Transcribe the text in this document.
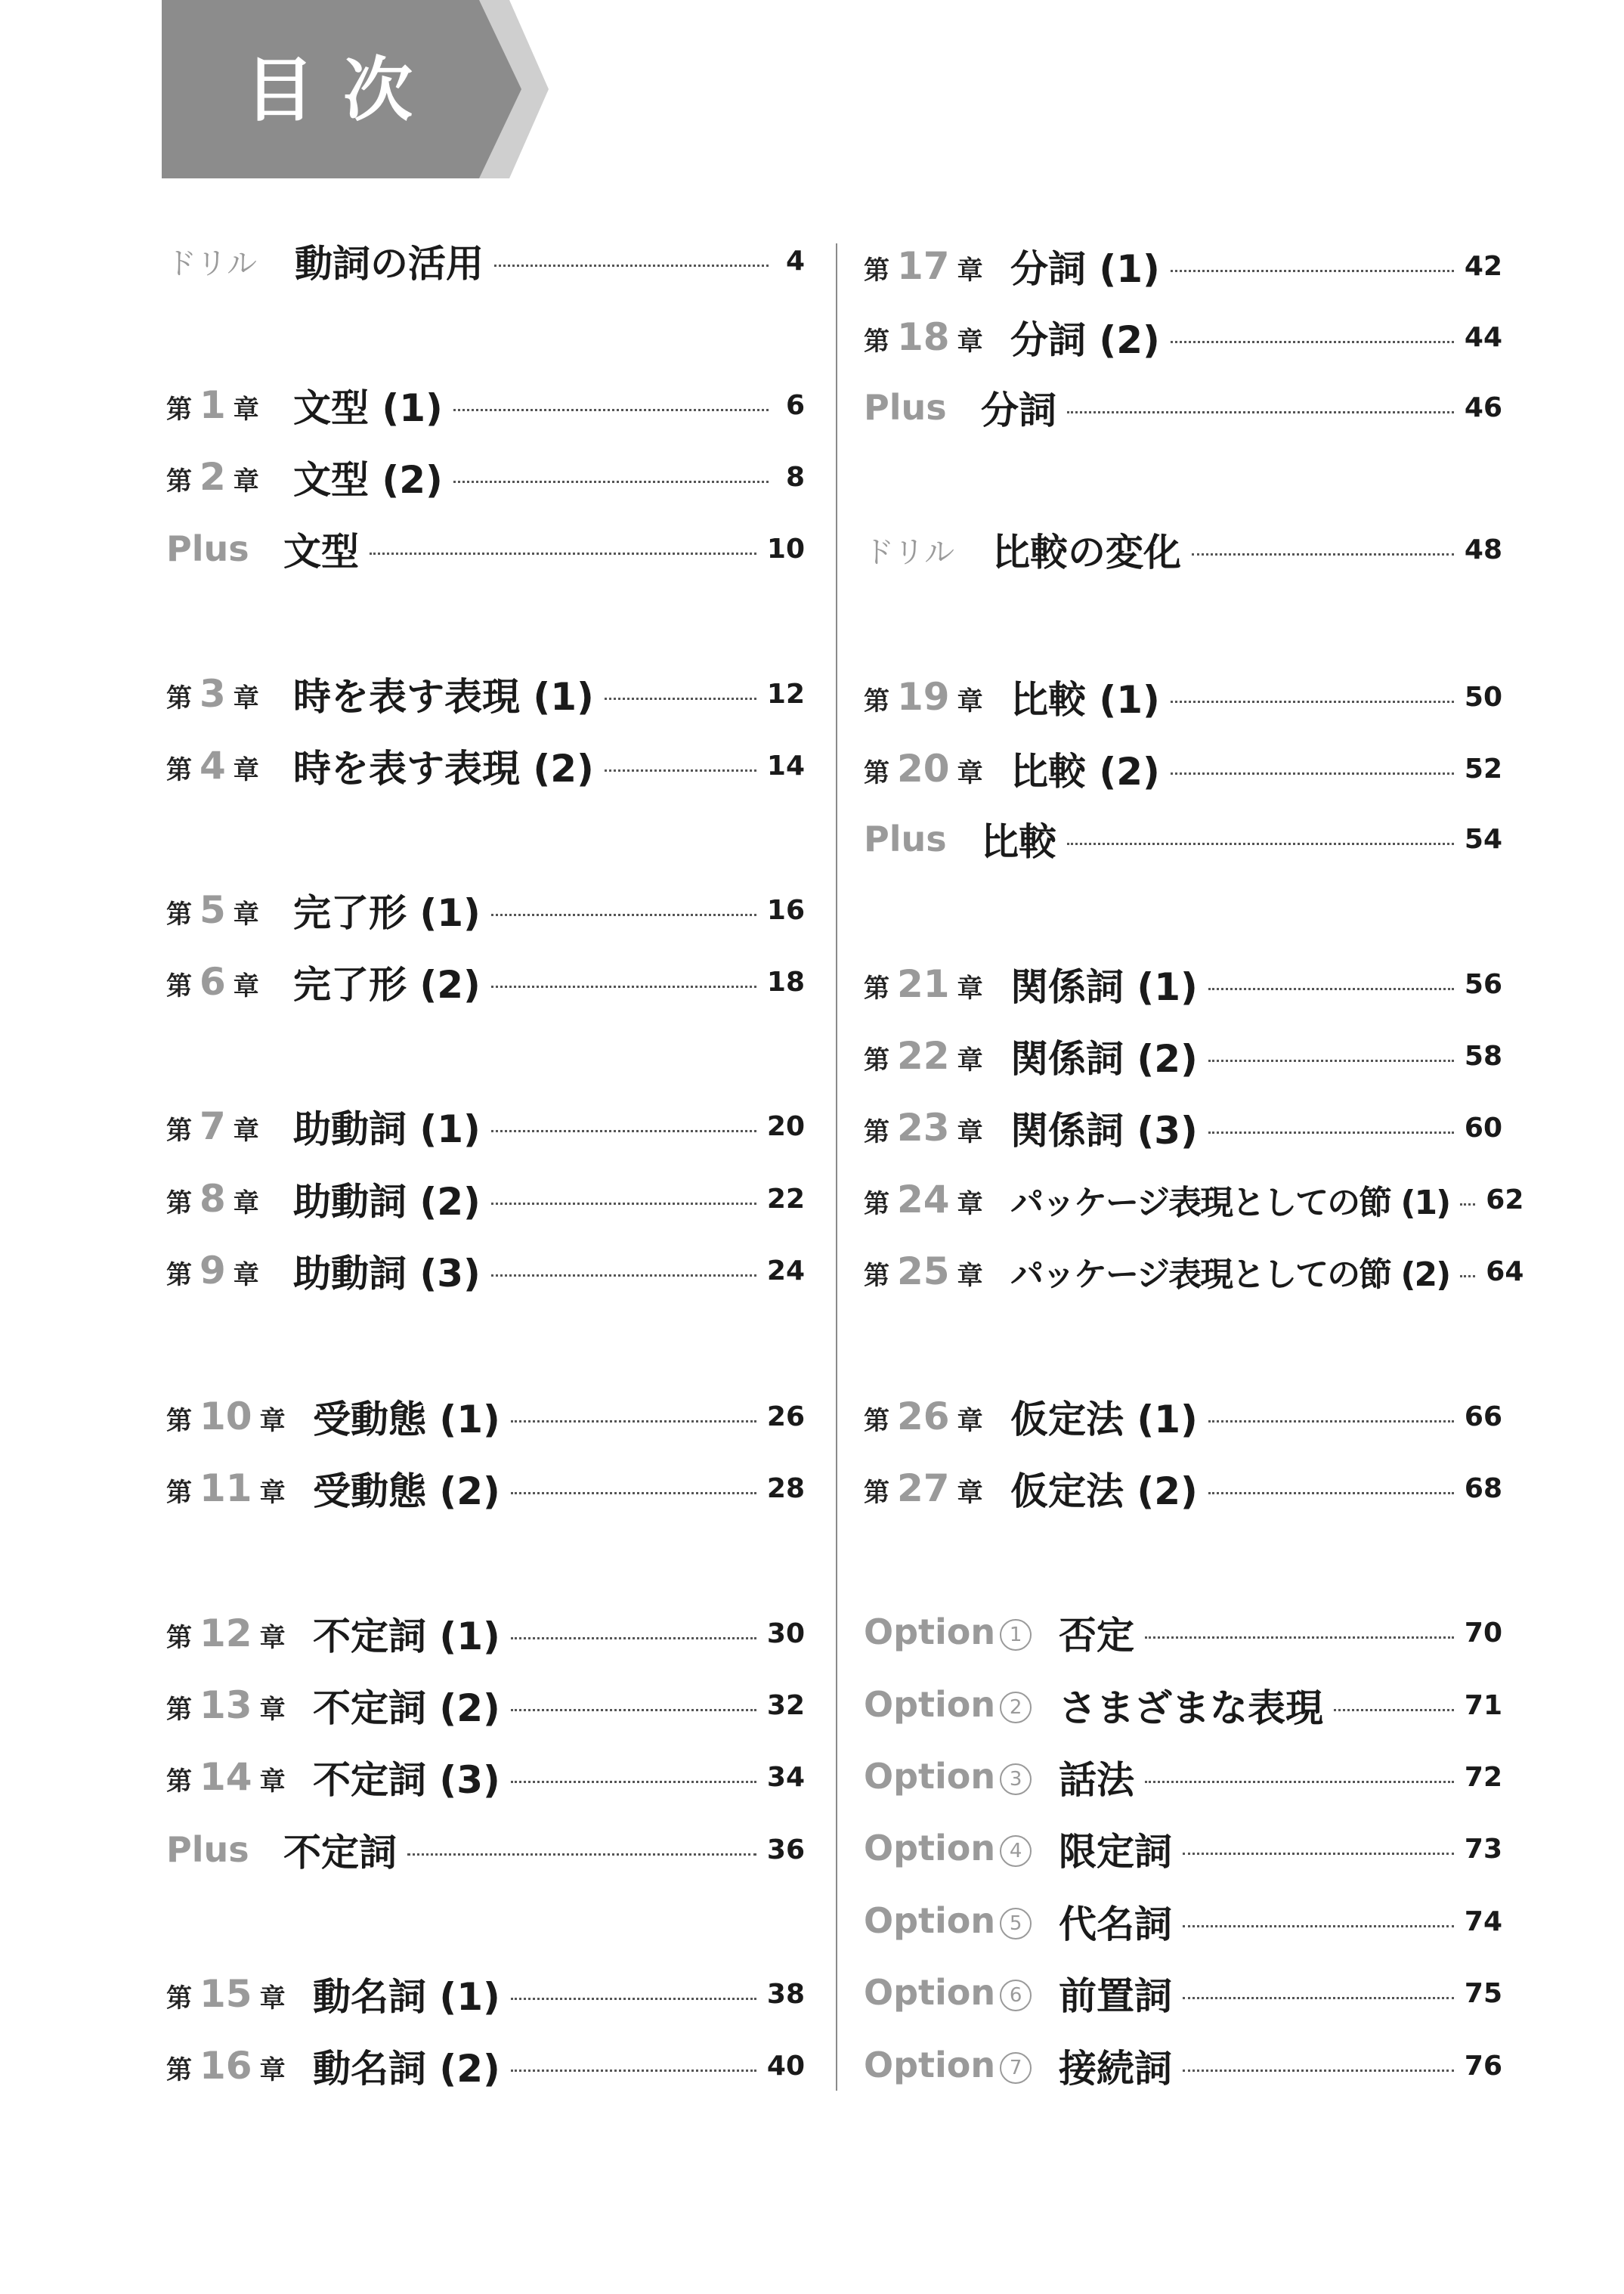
目次
ドリル 動詞の活用	4
第 1 章 文型 (1)	6
第 2 章 文型 (2)	8
Plus 文型	10
第 3 章 時を表す表現 (1)	12
第 4 章 時を表す表現 (2)	14
第 5 章 完了形 (1)	16
第 6 章 完了形 (2)	18
第 7 章 助動詞 (1)	20
第 8 章 助動詞 (2)	22
第 9 章 助動詞 (3)	24
第 10 章 受動態 (1)	26
第 11 章 受動態 (2)	28
第 12 章 不定詞 (1)	30
第 13 章 不定詞 (2)	32
第 14 章 不定詞 (3)	34
Plus 不定詞	36
第 15 章 動名詞 (1)	38
第 16 章 動名詞 (2)	40
第 17 章 分詞 (1)	42
第 18 章 分詞 (2)	44
Plus 分詞	46
ドリル 比較の変化	48
第 19 章 比較 (1)	50
第 20 章 比較 (2)	52
Plus 比較	54
第 21 章 関係詞 (1)	56
第 22 章 関係詞 (2)	58
第 23 章 関係詞 (3)	60
第 24 章 パッケージ表現としての節 (1) 62
第 25 章 パッケージ表現としての節 (2) 64
第 26 章 仮定法 (1)	66
第 27 章 仮定法 (2)	68
Option 1 否定	70
Option 2 さまざまな表現	71
Option 3 話法	72
Option 4 限定詞	73
Option 5 代名詞	74
Option 6 前置詞	75
Option 7 接続詞	76
